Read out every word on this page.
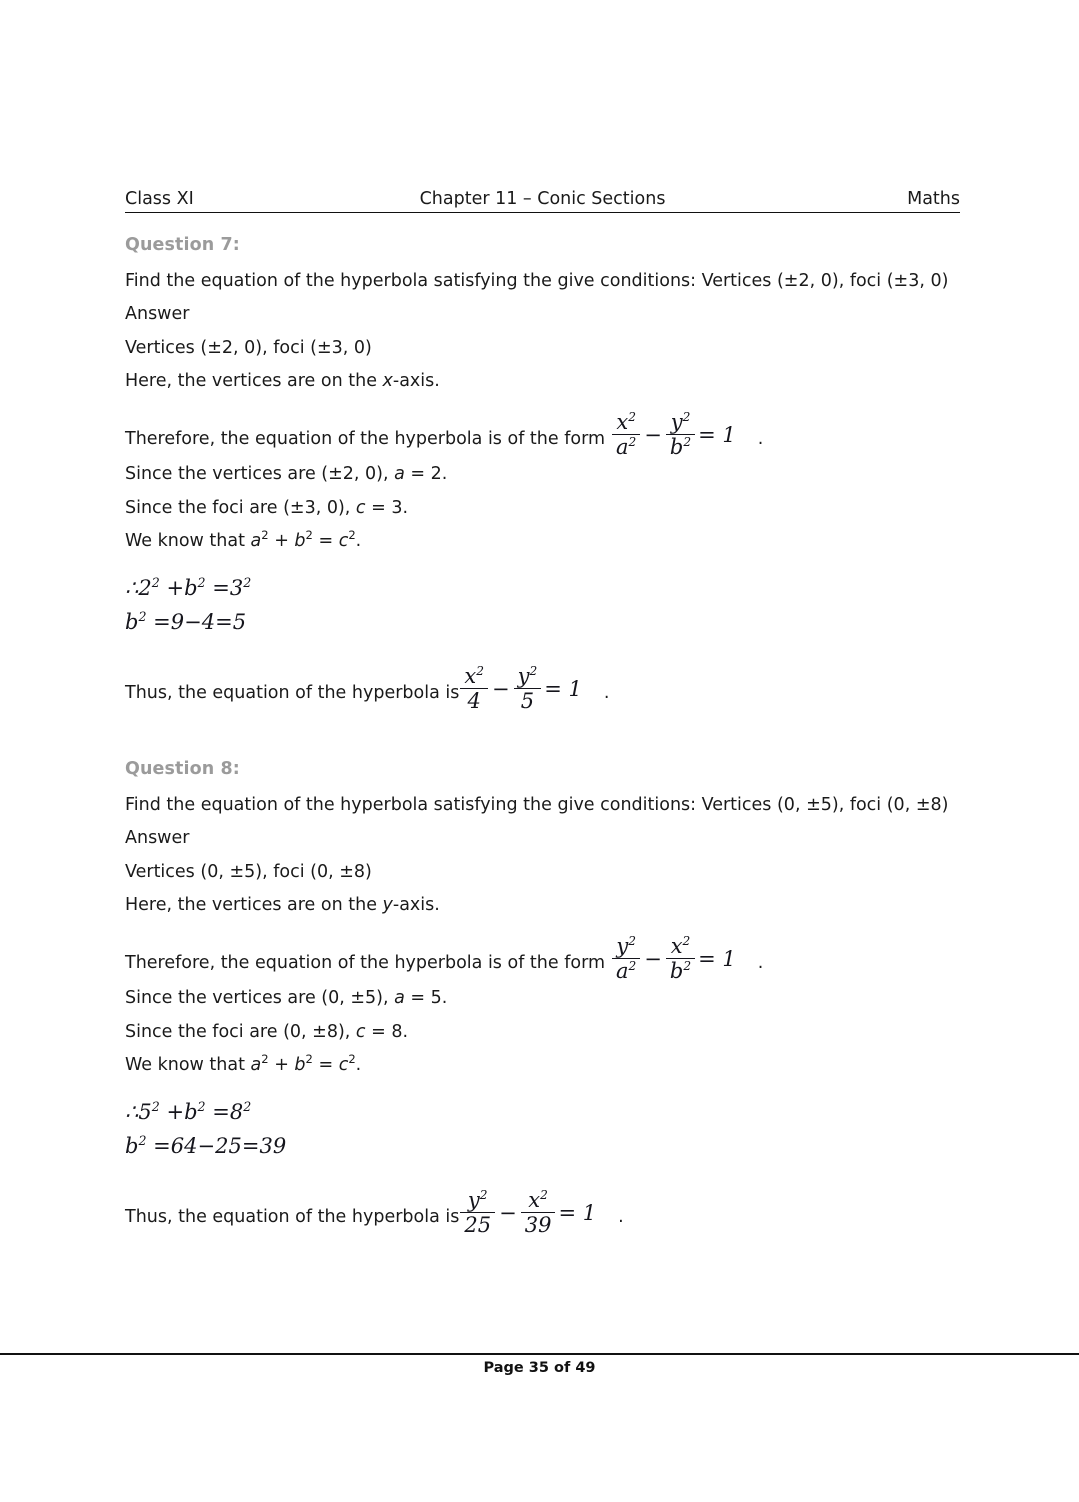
Class XI	Chapter 11 – Conic Sections	Maths

Question 7:

Find the equation of the hyperbola satisfying the give conditions: Vertices (±2, 0), foci (±3, 0)

Answer

Vertices (±2, 0), foci (±3, 0)

Here, the vertices are on the x-axis.

Therefore, the equation of the hyperbola is of the form $\frac{x^2}{a^2} - \frac{y^2}{b^2} = 1$	.

Since the vertices are (±2, 0), a = 2.

Since the foci are (±3, 0), c = 3.

We know that $a^2 + b^2 = c^2$.

$\therefore 2^2 +b^2 =3^2$

$b^2 =9-4=5$

Thus, the equation of the hyperbola is $\frac{x^2}{4} - \frac{y^2}{5} = 1$	.

Question 8:

Find the equation of the hyperbola satisfying the give conditions: Vertices (0, ±5), foci (0, ±8)

Answer

Vertices (0, ±5), foci (0, ±8)

Here, the vertices are on the y-axis.

Therefore, the equation of the hyperbola is of the form $\frac{y^2}{a^2} - \frac{x^2}{b^2} = 1$	.

Since the vertices are (0, ±5), a = 5.

Since the foci are (0, ±8), c = 8.

We know that $a^2 + b^2 = c^2$.

$\therefore 5^2 +b^2 =8^2$

$b^2 =64-25=39$

Thus, the equation of the hyperbola is $\frac{y^2}{25} - \frac{x^2}{39} = 1$	.
Page 35 of 49
